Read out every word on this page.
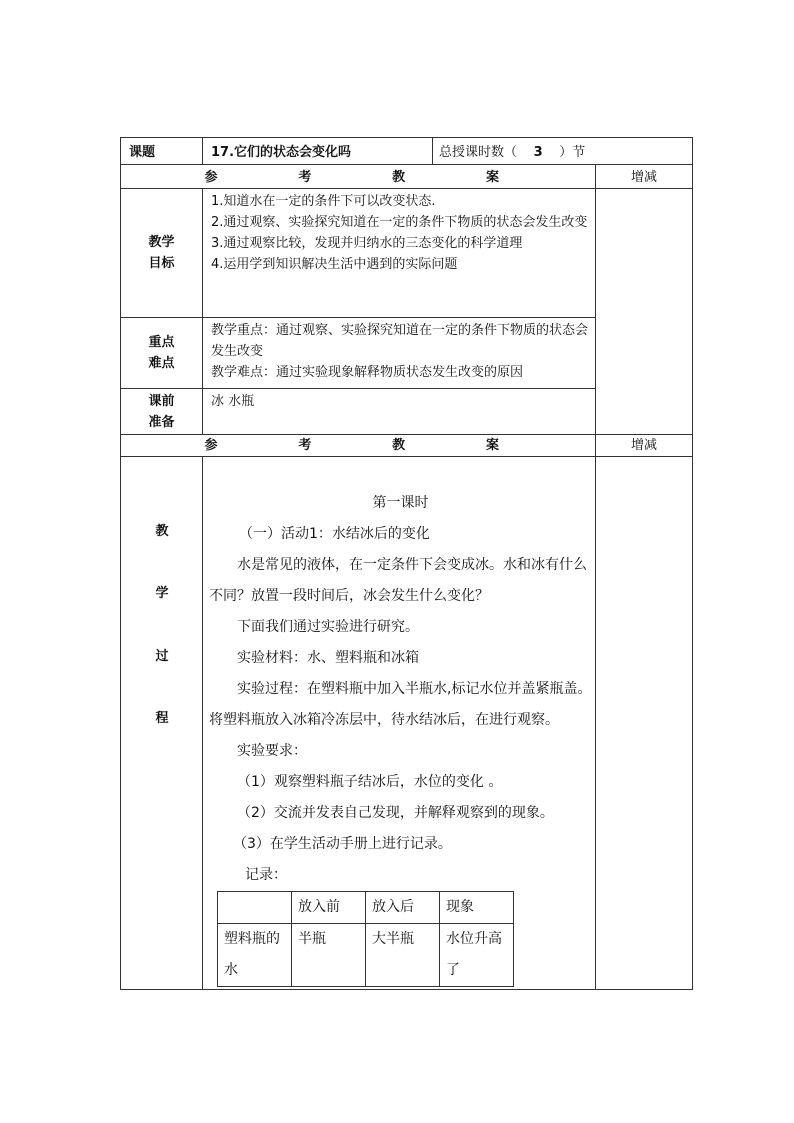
课题	17.它们的状态会变化吗	总授课时数（ 3 ）节

参	考	教	案	增减

教学
目标

1.知道水在一定的条件下可以改变状态.
2.通过观察、实验探究知道在一定的条件下物质的状态会发生改变
3.通过观察比较，发现并归纳水的三态变化的科学道理
4.运用学到知识解决生活中遇到的实际问题

重点
难点

教学重点：通过观察、实验探究知道在一定的条件下物质的状态会发生改变
教学难点：通过实验现象解释物质状态发生改变的原因

课前
准备
	冰 水瓶

参	考	教	案	增减

教
学
过
程

第一课时
（一）活动1：水结冰后的变化
水是常见的液体，在一定条件下会变成冰。水和冰有什么不同？放置一段时间后，冰会发生什么变化？
下面我们通过实验进行研究。
实验材料：水、塑料瓶和冰箱
实验过程：在塑料瓶中加入半瓶水,标记水位并盖紧瓶盖。将塑料瓶放入冰箱冷冻层中，待水结冰后，在进行观察。
实验要求：
（1）观察塑料瓶子结冰后，水位的变化 。
（2）交流并发表自己发现，并解释观察到的现象。
（3）在学生活动手册上进行记录。
记录：
	放入前	放入后	现象
塑料瓶的水	半瓶	大半瓶	水位升高了
